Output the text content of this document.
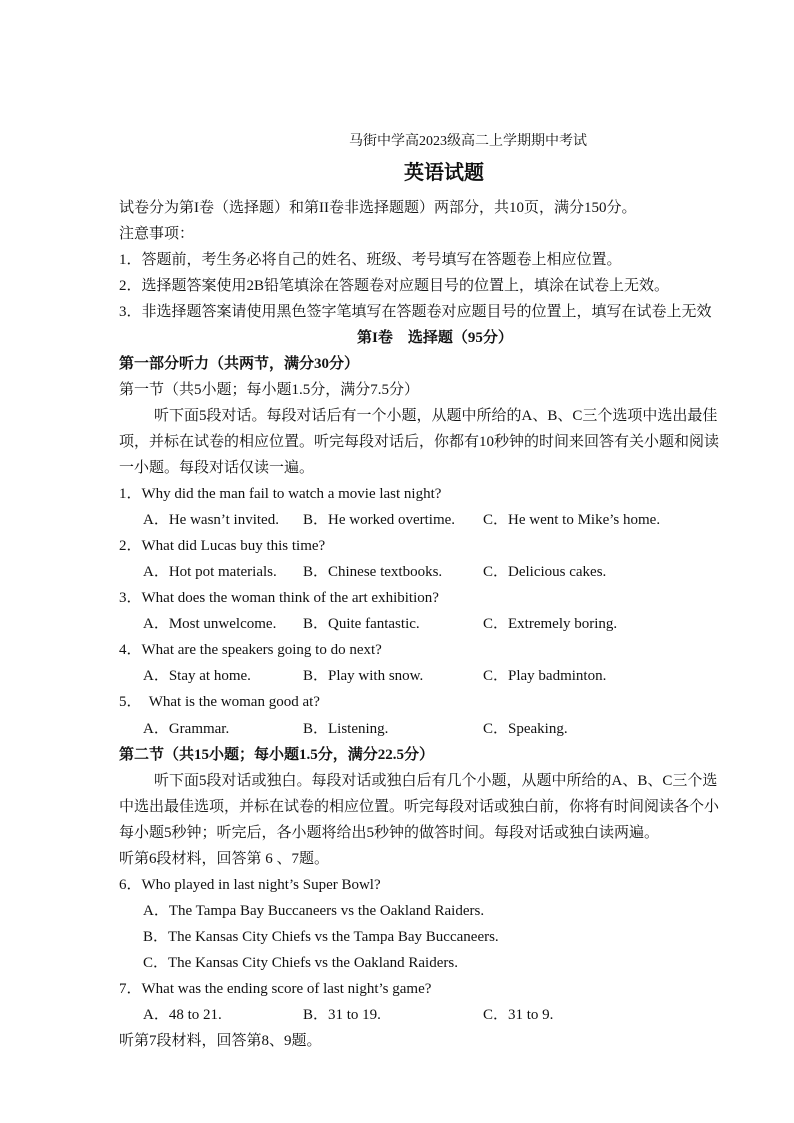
马街中学高2023级高二上学期期中考试
英语试题
试卷分为第I卷（选择题）和第II卷非选择题题）两部分，共10页，满分150分。
注意事项：
1．答题前，考生务必将自己的姓名、班级、考号填写在答题卷上相应位置。
2．选择题答案使用2B铅笔填涂在答题卷对应题目号的位置上，填涂在试卷上无效。
3．非选择题答案请使用黑色签字笔填写在答题卷对应题目号的位置上，填写在试卷上无效
第I卷　选择题（95分）
第一部分听力（共两节，满分30分）
第一节（共5小题；每小题1.5分，满分7.5分）
听下面5段对话。每段对话后有一个小题，从题中所给的A、B、C三个选项中选出最佳
项，并标在试卷的相应位置。听完每段对话后，你都有10秒钟的时间来回答有关小题和阅读
一小题。每段对话仅读一遍。
1．Why did the man fail to watch a movie last night?
A．He wasn’t invited. B．He worked overtime. C．He went to Mike’s home.
2．What did Lucas buy this time?
A．Hot pot materials. B．Chinese textbooks.	C．Delicious cakes.
3．What does the woman think of the art exhibition?
A．Most unwelcome. B．Quite fantastic.	C．Extremely boring.
4．What are the speakers going to do next?
A．Stay at home.	B．Play with snow.	C．Play badminton.
5．  What is the woman good at?
A．Grammar.	B．Listening.	C．Speaking.
第二节（共15小题；每小题1.5分，满分22.5分）
听下面5段对话或独白。每段对话或独白后有几个小题，从题中所给的A、B、C三个选
中选出最佳选项，并标在试卷的相应位置。听完每段对话或独白前，你将有时间阅读各个小
每小题5秒钟；听完后，各小题将给出5秒钟的做答时间。每段对话或独白读两遍。
听第6段材料，回答第 6 、7题。
6．Who played in last night’s Super Bowl?
A．The Tampa Bay Buccaneers vs the Oakland Raiders.
B．The Kansas City Chiefs vs the Tampa Bay Buccaneers.
C．The Kansas City Chiefs vs the Oakland Raiders.
7．What was the ending score of last night’s game?
A．48 to 21.	B．31 to 19.	C．31 to 9.
听第7段材料，回答第8、9题。
